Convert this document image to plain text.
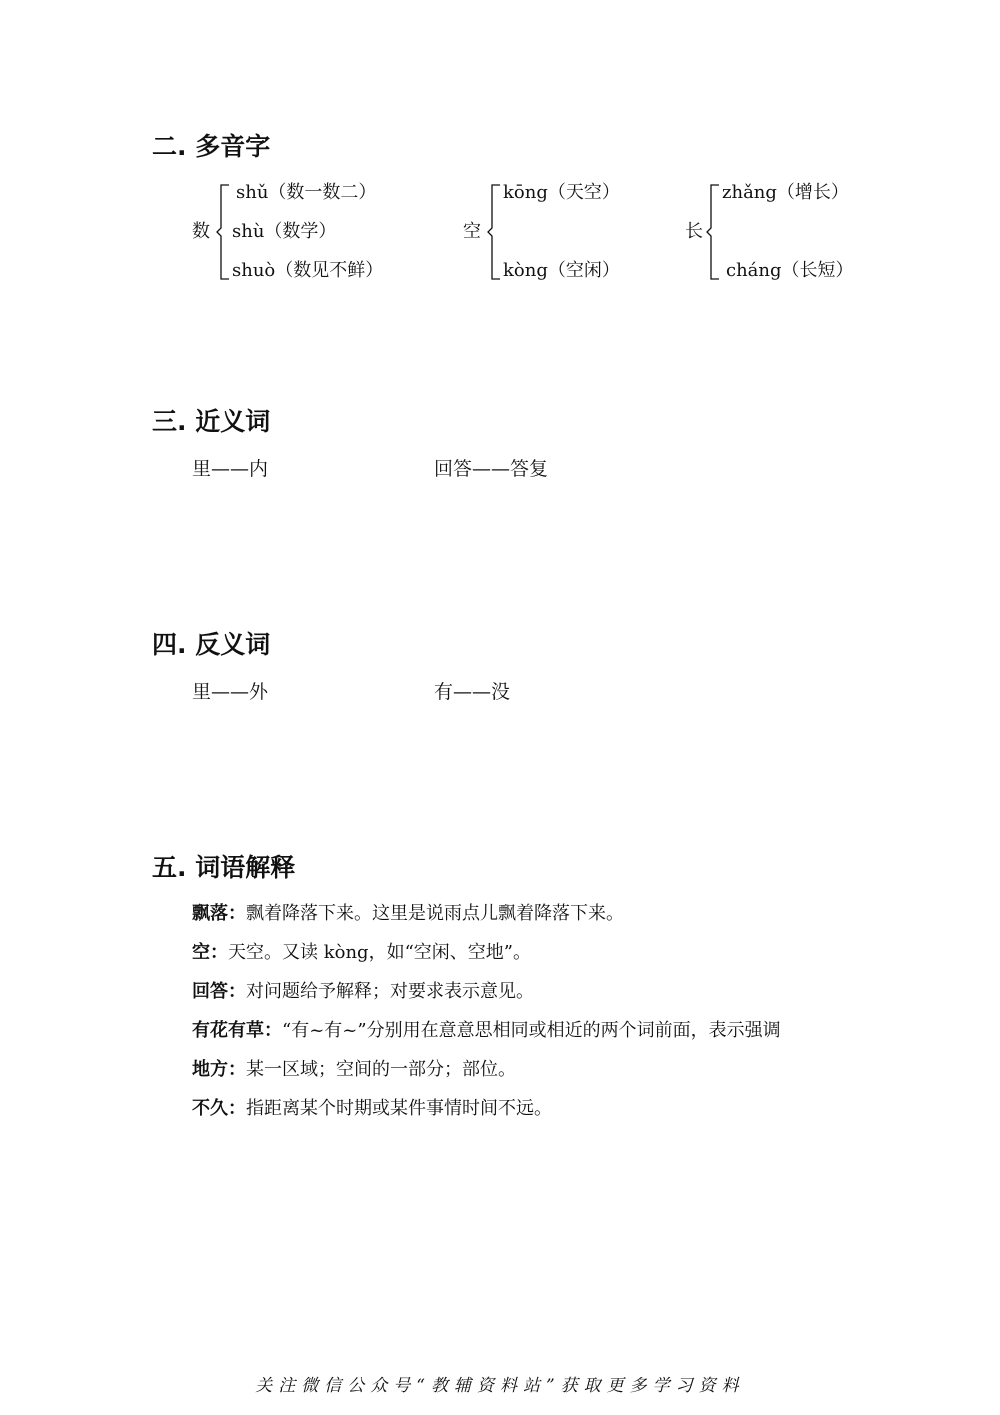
二. 多音字
数
shǔ（数一数二）
shù（数学）
shuò（数见不鲜）
空
kōng（天空）
kòng（空闲）
长
zhǎng（增长）
cháng（长短）
三. 近义词
里——内	回答——答复
四. 反义词
里——外	有——没
五. 词语解释
飘落：飘着降落下来。这里是说雨点儿飘着降落下来。
空：天空。又读 kòng，如“空闲、空地”。
回答：对问题给予解释；对要求表示意见。
有花有草：“有~有~”分别用在意意思相同或相近的两个词前面，表示强调
地方：某一区域；空间的一部分；部位。
不久：指距离某个时期或某件事情时间不远。
关注微信公众号“教辅资料站”获取更多学习资料
